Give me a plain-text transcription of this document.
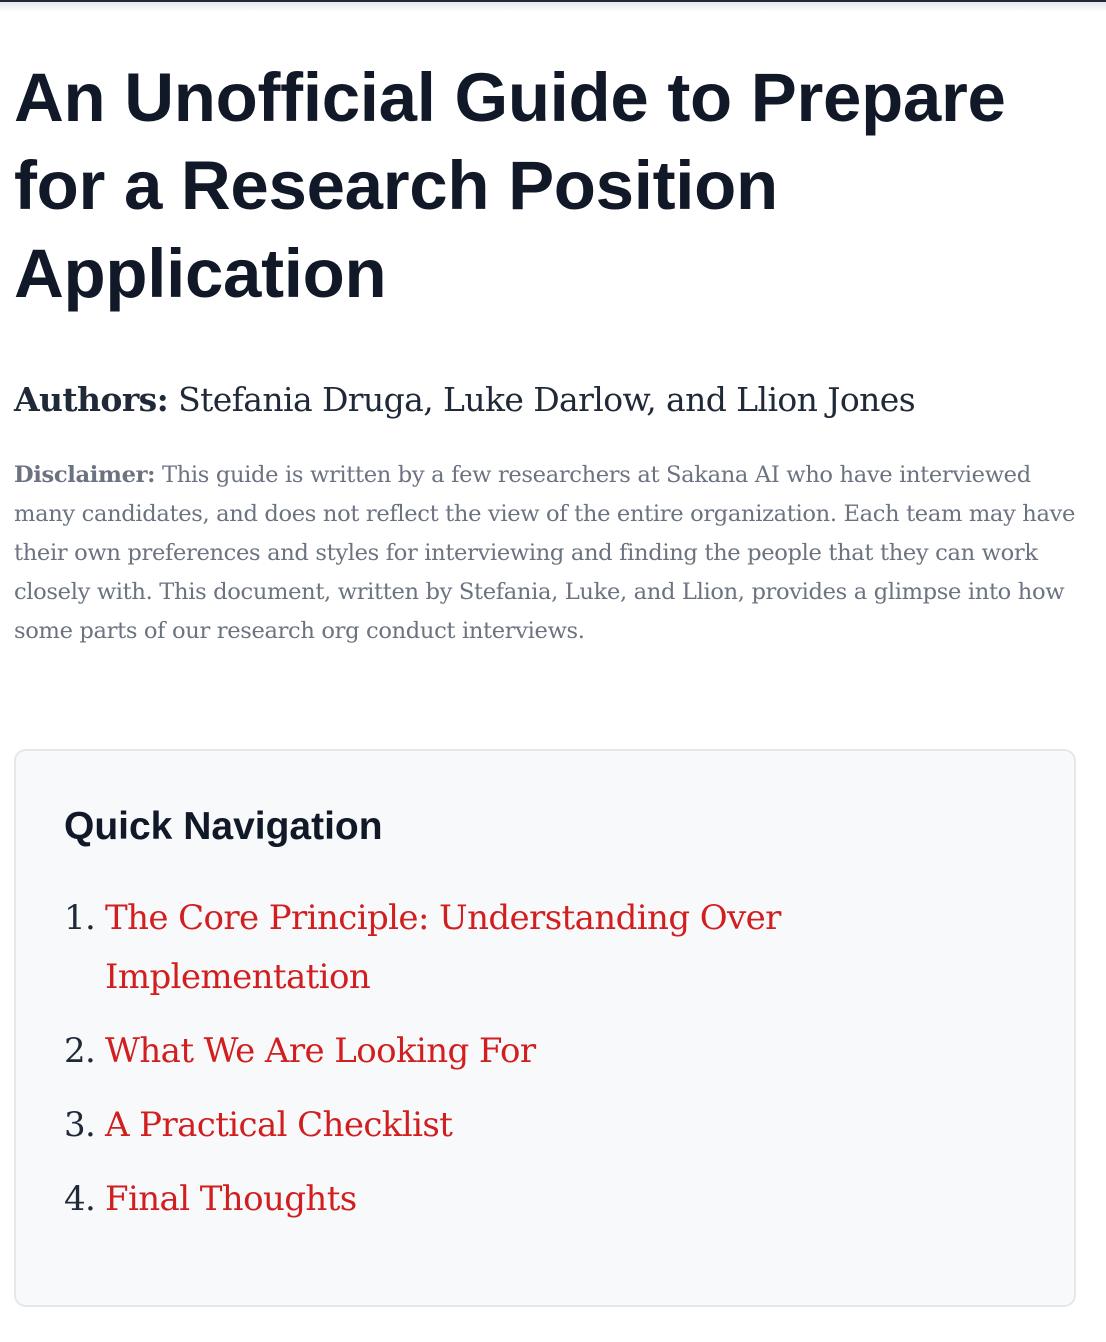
An Unofficial Guide to Prepare for a Research Position Application

Authors: Stefania Druga, Luke Darlow, and Llion Jones

Disclaimer: This guide is written by a few researchers at Sakana AI who have interviewed many candidates, and does not reflect the view of the entire organization. Each team may have their own preferences and styles for interviewing and finding the people that they can work closely with. This document, written by Stefania, Luke, and Llion, provides a glimpse into how some parts of our research org conduct interviews.

Quick Navigation
1. The Core Principle: Understanding Over Implementation
2. What We Are Looking For
3. A Practical Checklist
4. Final Thoughts
